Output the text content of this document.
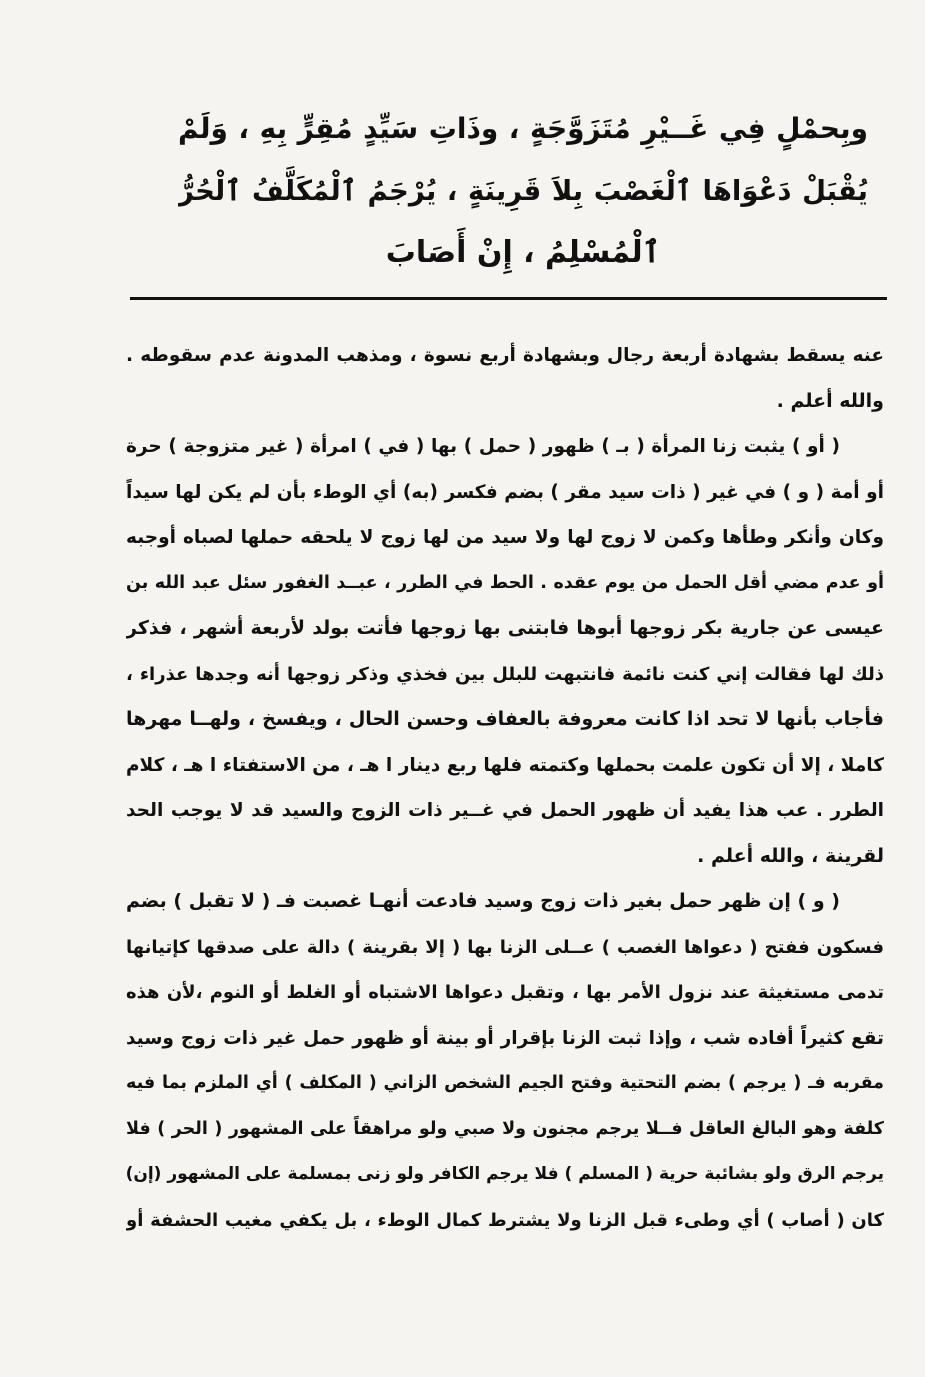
وبِحمْلٍ فِي غَــيْرِ مُتَزَوَّجَةٍ ، وذَاتِ سَيِّدٍ مُقِرٍّ بِهِ ، وَلَمْ
يُقْبَلْ دَعْوَاهَا ٱلْغَصْبَ بِلاَ قَرِينَةٍ ، يُرْجَمُ ٱلْمُكَلَّفُ ٱلْحُرُّ
ٱلْمُسْلِمُ ، إِنْ أَصَابَ
عنه يسقط بشهادة أربعة رجال وبشهادة أربع نسوة ، ومذهب المدونة عدم سقوطه .
والله أعلم .
( أو ) يثبت زنا المرأة ( بـ ) ظهور ( حمل ) بها ( في ) امرأة ( غير متزوجة ) حرة
أو أمة ( و ) في غير ( ذات سيد مقر ) بضم فكسر (به) أي الوطء بأن لم يكن لها سيداً
وكان وأنكر وطأها وكمن لا زوج لها ولا سيد من لها زوج لا يلحقه حملها لصباه أوجبه
أو عدم مضي أقل الحمل من يوم عقده . الحط في الطرر ، عبــد الغفور سئل عبد الله بن
عيسى عن جارية بكر زوجها أبوها فابتنى بها زوجها فأتت بولد لأربعة أشهر ، فذكر
ذلك لها فقالت إني كنت نائمة فانتبهت للبلل بين فخذي وذكر زوجها أنه وجدها عذراء ،
فأجاب بأنها لا تحد اذا كانت معروفة بالعفاف وحسن الحال ، ويفسخ ، ولهــا مهرها
كاملا ، إلا أن تكون علمت بحملها وكتمته فلها ربع دينار ا هـ ، من الاستفتاء ا هـ ، كلام
الطرر . عب هذا يفيد أن ظهور الحمل في غــير ذات الزوج والسيد قد لا يوجب الحد
لقرينة ، والله أعلم .
( و ) إن ظهر حمل بغير ذات زوج وسيد فادعت أنهـا غصبت فـ ( لا تقبل ) بضم
فسكون ففتح ( دعواها الغصب ) عــلى الزنا بها ( إلا بقرينة ) دالة على صدقها كإتيانها
تدمى مستغيثة عند نزول الأمر بها ، وتقبل دعواها الاشتباه أو الغلط أو النوم ،لأن هذه
تقع كثيراً أفاده شب ، وإذا ثبت الزنا بإقرار أو بينة أو ظهور حمل غير ذات زوج وسيد
مقربه فـ ( يرجم ) بضم التحتية وفتح الجيم الشخص الزاني ( المكلف ) أي الملزم بما فيه
كلفة وهو البالغ العاقل فــلا يرجم مجنون ولا صبي ولو مراهقاً على المشهور ( الحر ) فلا
يرجم الرق ولو بشائبة حرية ( المسلم ) فلا يرجم الكافر ولو زنى بمسلمة على المشهور (إن)
كان ( أصاب ) أي وطىء قبل الزنا ولا يشترط كمال الوطء ، بل يكفي مغيب الحشفة أو
